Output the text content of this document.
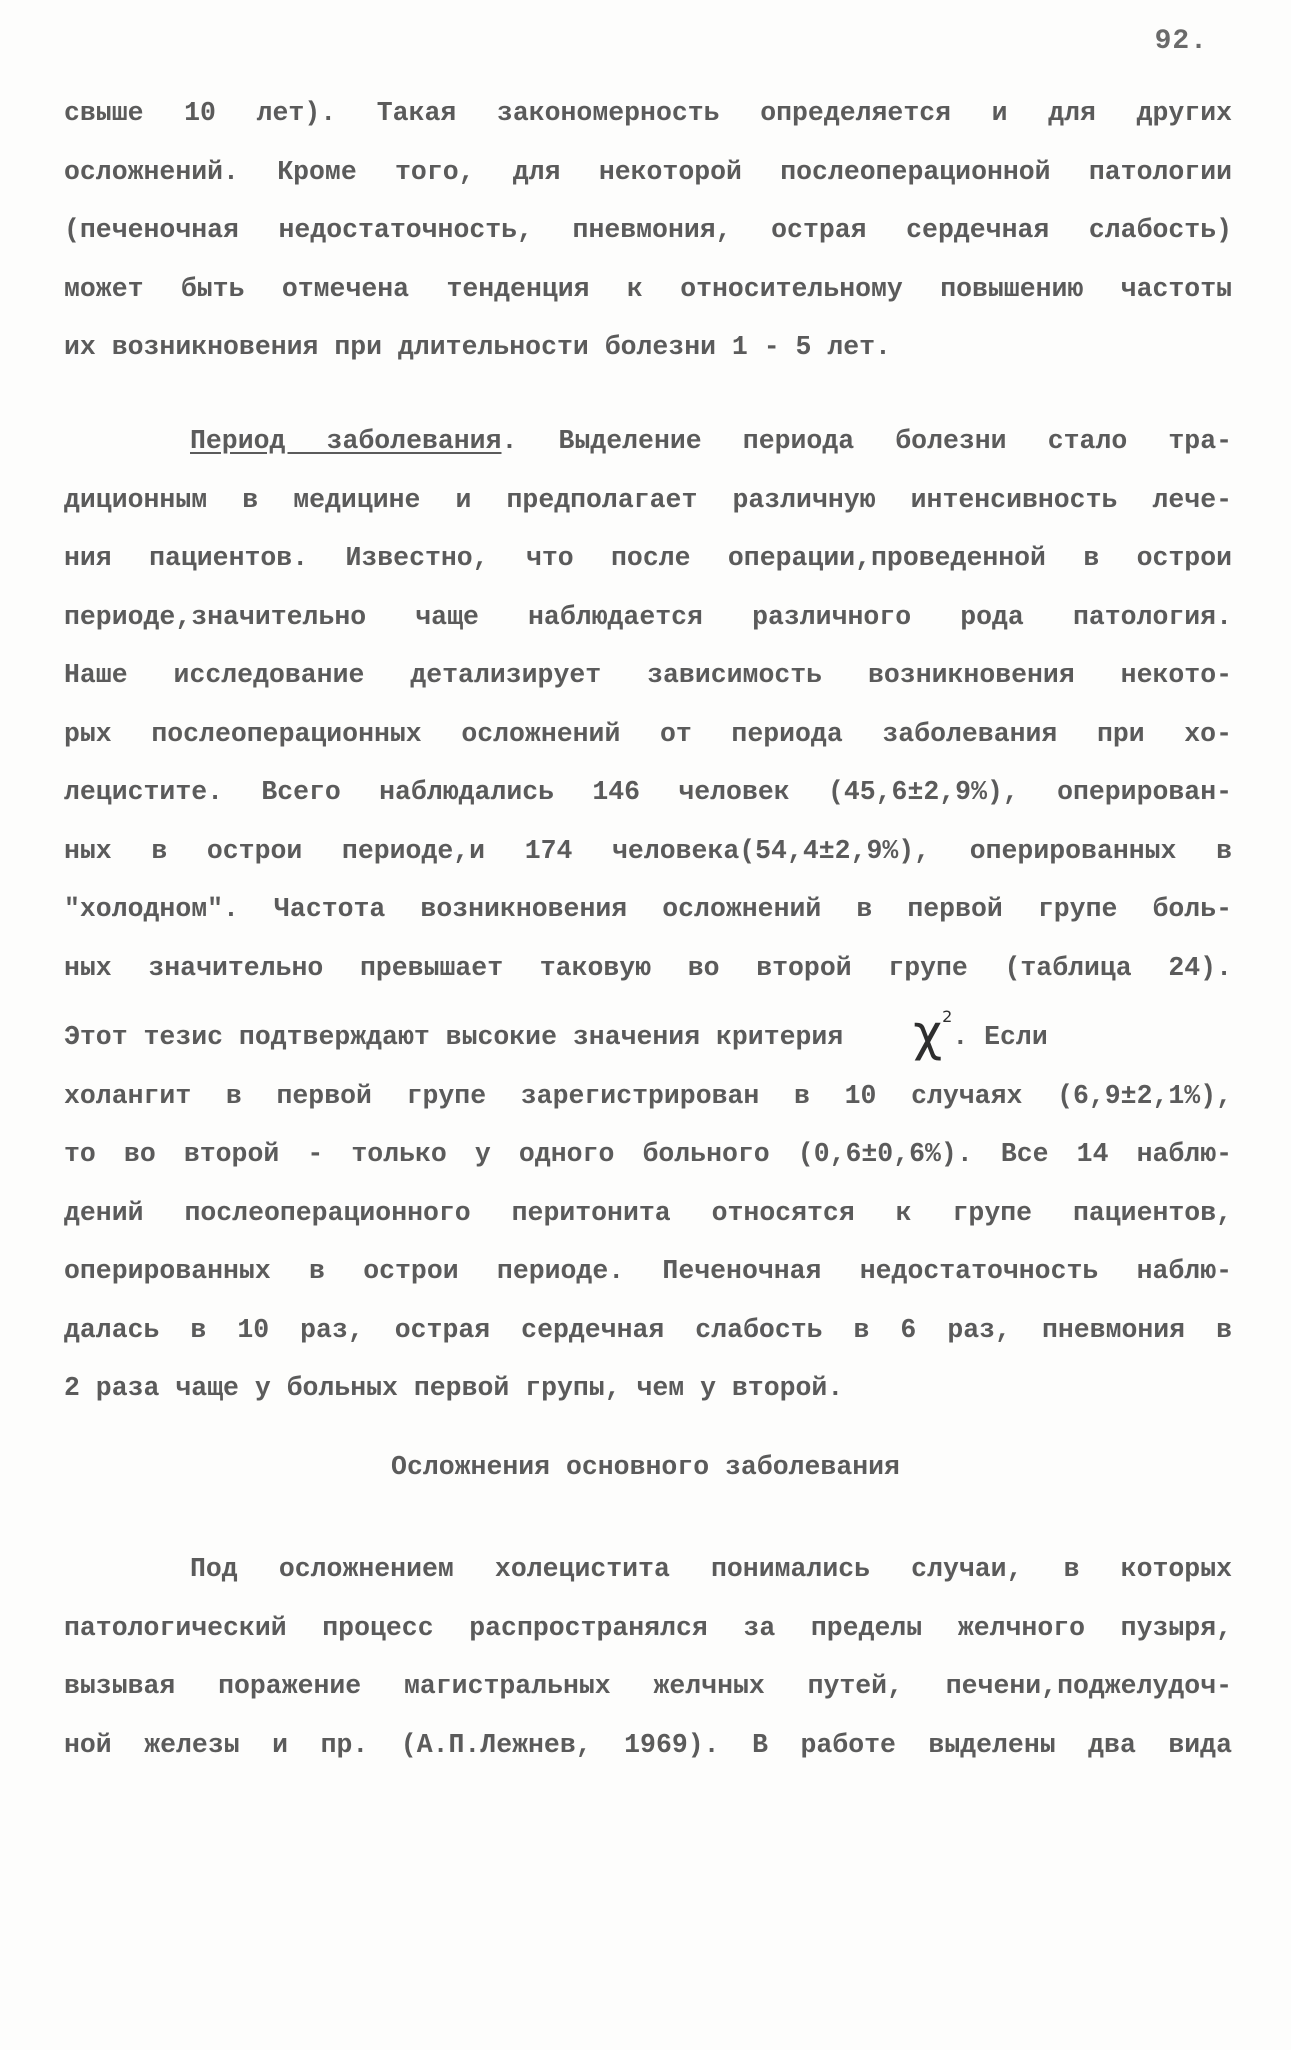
92.
свыше 10 лет). Такая закономерность определяется и для других
осложнений. Кроме того, для некоторой послеоперационной патологии
(печеночная недостаточность, пневмония, острая сердечная слабость)
может быть отмечена тенденция к относительному повышению частоты
их возникновения при длительности болезни 1 - 5 лет.
Период заболевания. Выделение периода болезни стало тра-
диционным в медицине и предполагает различную интенсивность лече-
ния пациентов. Известно, что после операции,проведенной в острои
периоде,значительно чаще наблюдается различного рода патология.
Наше исследование детализирует зависимость возникновения некото-
рых послеоперационных осложнений от периода заболевания при хо-
лецистите. Всего наблюдались 146 человек (45,6±2,9%), оперирован-
ных в острои периоде,и 174 человека(54,4±2,9%), оперированных в
"холодном". Частота возникновения осложнений в первой групе боль-
ных значительно превышает таковую во второй групе (таблица 24).
Этот тезис подтверждают высокие значения критерия $\chi^2$. Если
холангит в первой групе зарегистрирован в 10 случаях (6,9±2,1%),
то во второй - только у одного больного (0,6±0,6%). Все 14 наблю-
дений послеоперационного перитонита относятся к групе пациентов,
оперированных в острои периоде. Печеночная недостаточность наблю-
далась в 10 раз, острая сердечная слабость в 6 раз, пневмония в
2 раза чаще у больных первой групы, чем у второй.
Осложнения основного заболевания
Под осложнением холецистита понимались случаи, в которых
патологический процесс распространялся за пределы желчного пузыря,
вызывая поражение магистральных желчных путей, печени,поджелудоч-
ной железы и пр. (А.П.Лежнев, 1969). В работе выделены два вида
